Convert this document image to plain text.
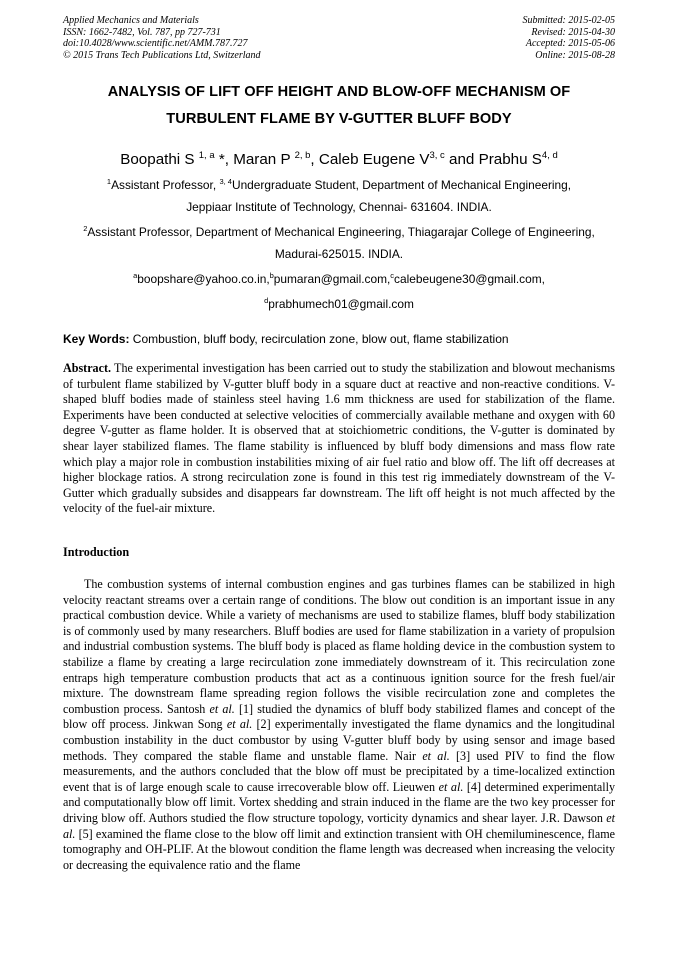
Applied Mechanics and Materials
ISSN: 1662-7482, Vol. 787, pp 727-731
doi:10.4028/www.scientific.net/AMM.787.727
© 2015 Trans Tech Publications Ltd, Switzerland
Submitted: 2015-02-05
Revised: 2015-04-30
Accepted: 2015-05-06
Online: 2015-08-28
ANALYSIS OF LIFT OFF HEIGHT AND BLOW-OFF MECHANISM OF
TURBULENT FLAME BY V-GUTTER BLUFF BODY
Boopathi S $^{1, a}$ *, Maran P $^{2, b}$, Caleb Eugene V$^{3, c}$ and Prabhu S$^{4, d}$
$^1$Assistant Professor, $^{3, 4}$Undergraduate Student, Department of Mechanical Engineering,
Jeppiaar Institute of Technology, Chennai- 631604. INDIA.
$^2$Assistant Professor, Department of Mechanical Engineering, Thiagarajar College of Engineering,
Madurai-625015. INDIA.
$^a$boopshare@yahoo.co.in,$^b$pumaran@gmail.com,$^c$calebeugene30@gmail.com,
$^d$prabhumech01@gmail.com
Key Words: Combustion, bluff body, recirculation zone, blow out, flame stabilization

Abstract. The experimental investigation has been carried out to study the stabilization and blowout mechanisms of turbulent flame stabilized by V-gutter bluff body in a square duct at reactive and non-reactive conditions. V-shaped bluff bodies made of stainless steel having 1.6 mm thickness are used for stabilization of the flame. Experiments have been conducted at selective velocities of commercially available methane and oxygen with 60 degree V-gutter as flame holder. It is observed that at stoichiometric conditions, the V-gutter is dominated by shear layer stabilized flames. The flame stability is influenced by bluff body dimensions and mass flow rate which play a major role in combustion instabilities mixing of air fuel ratio and blow off. The lift off decreases at higher blockage ratios. A strong recirculation zone is found in this test rig immediately downstream of the V-Gutter which gradually subsides and disappears far downstream. The lift off height is not much affected by the velocity of the fuel-air mixture.

Introduction

The combustion systems of internal combustion engines and gas turbines flames can be stabilized in high velocity reactant streams over a certain range of conditions. The blow out condition is an important issue in any practical combustion device. While a variety of mechanisms are used to stabilize flames, bluff body stabilization is of commonly used by many researchers. Bluff bodies are used for flame stabilization in a variety of propulsion and industrial combustion systems. The bluff body is placed as flame holding device in the combustion system to stabilize a flame by creating a large recirculation zone immediately downstream of it. This recirculation zone entraps high temperature combustion products that act as a continuous ignition source for the fresh fuel/air mixture. The downstream flame spreading region follows the visible recirculation zone and completes the combustion process. Santosh et al. [1] studied the dynamics of bluff body stabilized flames and concept of the blow off process. Jinkwan Song et al. [2] experimentally investigated the flame dynamics and the longitudinal combustion instability in the duct combustor by using V-gutter bluff body by using sensor and image based methods. They compared the stable flame and unstable flame. Nair et al. [3] used PIV to find the flow measurements, and the authors concluded that the blow off must be precipitated by a time-localized extinction event that is of large enough scale to cause irrecoverable blow off. Lieuwen et al. [4] determined experimentally and computationally blow off limit. Vortex shedding and strain induced in the flame are the two key processer for driving blow off. Authors studied the flow structure topology, vorticity dynamics and shear layer. J.R. Dawson et al. [5] examined the flame close to the blow off limit and extinction transient with OH chemiluminescence, flame tomography and OH-PLIF. At the blowout condition the flame length was decreased when increasing the velocity or decreasing the equivalence ratio and the flame
